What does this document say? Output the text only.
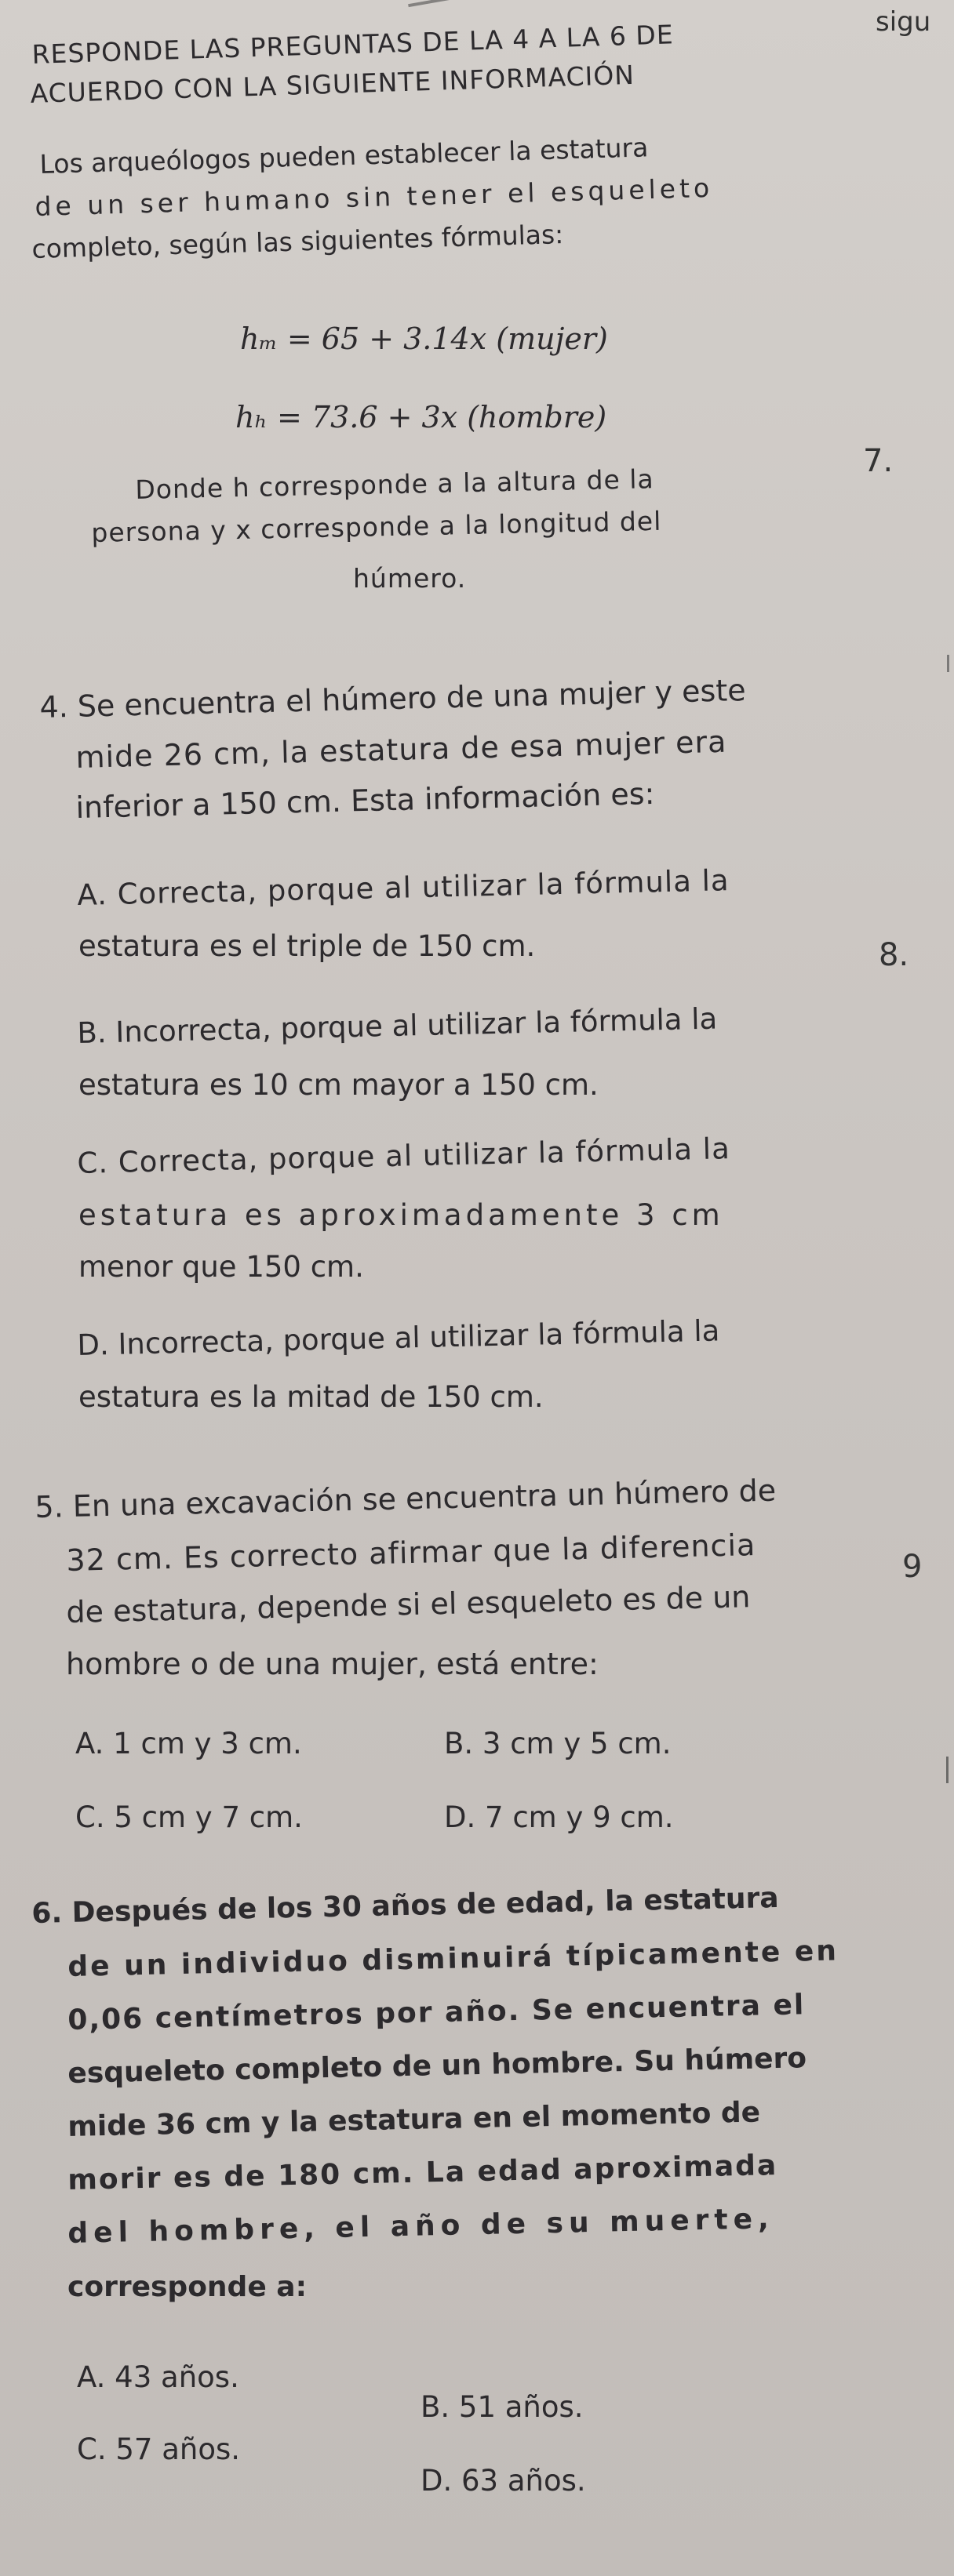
sigu
RESPONDE LAS PREGUNTAS DE LA 4 A LA 6 DE
ACUERDO CON LA SIGUIENTE INFORMACIÓN
Los arqueólogos pueden establecer la estatura
de un ser humano sin tener el esqueleto
completo, según las siguientes fórmulas:
hₘ = 65 + 3.14x (mujer)
hₕ = 73.6 + 3x (hombre)
7.
Donde h corresponde a la altura de la
persona y x corresponde a la longitud del
húmero.
4. Se encuentra el húmero de una mujer y este
mide 26 cm, la estatura de esa mujer era
inferior a 150 cm. Esta información es:
A. Correcta, porque al utilizar la fórmula la
estatura es el triple de 150 cm.	8.
B. Incorrecta, porque al utilizar la fórmula la
estatura es 10 cm mayor a 150 cm.
C. Correcta, porque al utilizar la fórmula la
estatura es aproximadamente 3 cm
menor que 150 cm.
D. Incorrecta, porque al utilizar la fórmula la
estatura es la mitad de 150 cm.
5. En una excavación se encuentra un húmero de
32 cm. Es correcto afirmar que la diferencia	9
de estatura, depende si el esqueleto es de un
hombre o de una mujer, está entre:
A. 1 cm y 3 cm.	B. 3 cm y 5 cm.
C. 5 cm y 7 cm.	D. 7 cm y 9 cm.
6. Después de los 30 años de edad, la estatura
de un individuo disminuirá típicamente en
0,06 centímetros por año. Se encuentra el
esqueleto completo de un hombre. Su húmero
mide 36 cm y la estatura en el momento de
morir es de 180 cm. La edad aproximada
del hombre, el año de su muerte,
corresponde a:
A. 43 años.
B. 51 años.
C. 57 años.
D. 63 años.
